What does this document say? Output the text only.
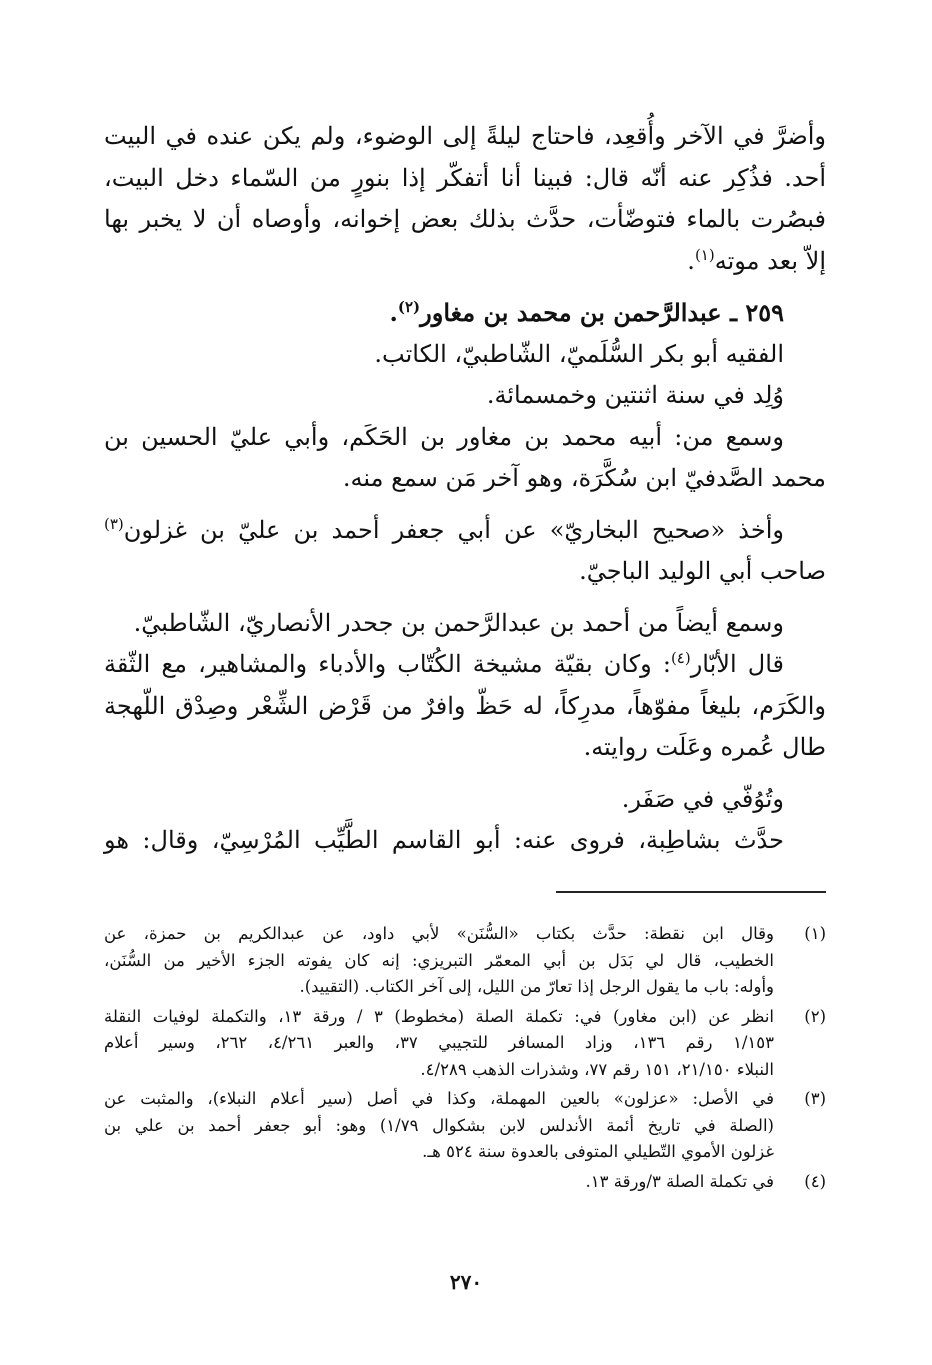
وأضرَّ في الآخر وأُقعِد، فاحتاج ليلةً إلى الوضوء، ولم يكن عنده في البيت
أحد. فذُكِر عنه أنّه قال: فبينا أنا أتفكّر إذا بنورٍ من السّماء دخل البيت،
فبصُرت بالماء فتوضّأت، حدَّث بذلك بعض إخوانه، وأوصاه أن لا يخبر بها
إلاّ بعد موته$^{(١)}$.
٢٥٩ ـ عبدالرَّحمن بن محمد بن مغاور$^{(٢)}$.
الفقيه أبو بكر السُّلَميّ، الشّاطبيّ، الكاتب.
وُلِد في سنة اثنتين وخمسمائة.
وسمع من: أبيه محمد بن مغاور بن الحَكَم، وأبي عليّ الحسين بن
محمد الصَّدفيّ ابن سُكَّرَة، وهو آخر مَن سمع منه.
وأخذ «صحيح البخاريّ» عن أبي جعفر أحمد بن عليّ بن غزلون$^{(٣)}$
صاحب أبي الوليد الباجيّ.
وسمع أيضاً من أحمد بن عبدالرَّحمن بن جحدر الأنصاريّ، الشّاطبيّ.
قال الأبّار$^{(٤)}$: وكان بقيّة مشيخة الكُتّاب والأدباء والمشاهير، مع الثّقة
والكَرَم، بليغاً مفوّهاً، مدرِكاً، له حَظّ وافرٌ من قَرْض الشِّعْر وصِدْق اللّهجة
طال عُمره وعَلَت روايته.
وتُوُفّي في صَفَر.
حدَّث بشاطِبة، فروى عنه: أبو القاسم الطَّيِّب المُرْسِيّ، وقال: هو
(١)
وقال ابن نقطة: حدَّث بكتاب «السُّنَن» لأبي داود، عن عبدالكريم بن حمزة، عن
الخطيب، قال لي بَدَل بن أبي المعمّر التبريزي: إنه كان يفوته الجزء الأخير من السُّنَن،
وأوله: باب ما يقول الرجل إذا تعارّ من الليل، إلى آخر الكتاب. (التقييد).
(٢)
انظر عن (ابن مغاور) في: تكملة الصلة (مخطوط) ٣ / ورقة ١٣، والتكملة لوفيات النقلة
١/١٥٣ رقم ١٣٦، وزاد المسافر للتجيبي ٣٧، والعبر ٤/٢٦١، ٢٦٢، وسير أعلام
النبلاء ٢١/١٥٠، ١٥١ رقم ٧٧، وشذرات الذهب ٤/٢٨٩.
(٣)
في الأصل: «عزلون» بالعين المهملة، وكذا في أصل (سير أعلام النبلاء)، والمثبت عن
(الصلة في تاريخ أئمة الأندلس لابن بشكوال ١/٧٩) وهو: أبو جعفر أحمد بن علي بن
غزلون الأموي التّطيلي المتوفى بالعدوة سنة ٥٢٤ هـ.
(٤)
في تكملة الصلة ٣/ورقة ١٣.
٢٧٠
